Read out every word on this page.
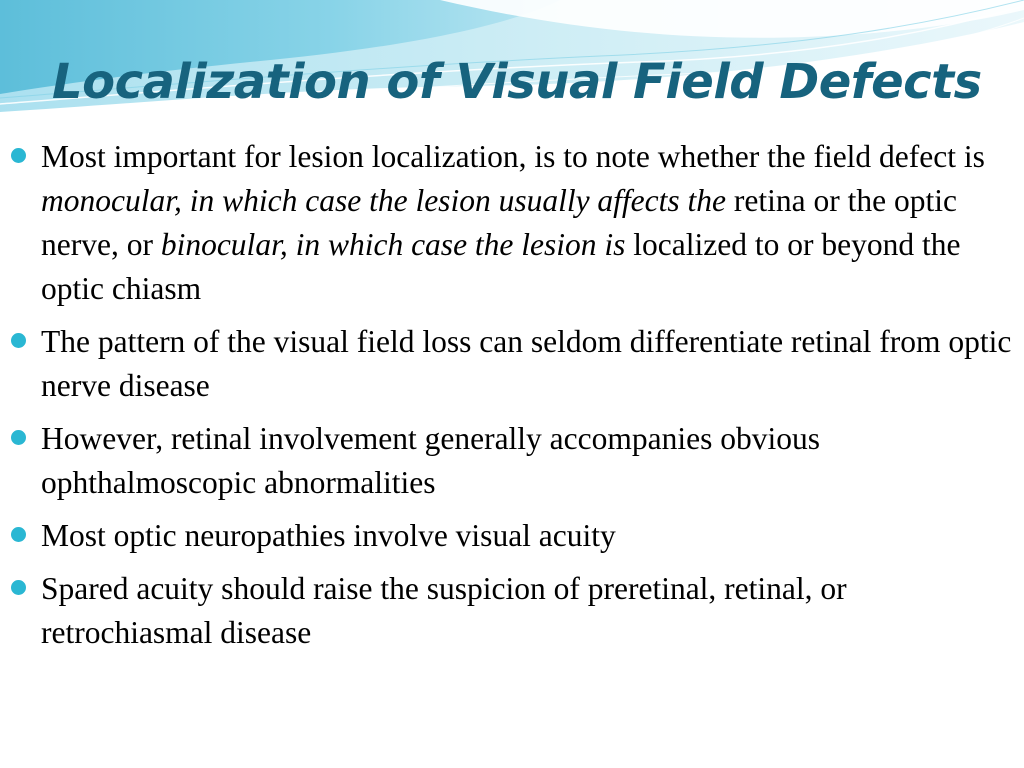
Localization of Visual Field Defects
Most important for lesion localization, is to note whether the field defect is monocular, in which case the lesion usually affects the retina or the optic nerve, or binocular, in which case the lesion is localized to or beyond the optic chiasm
The pattern of the visual field loss can seldom differentiate retinal from optic nerve disease
However, retinal involvement generally accompanies obvious ophthalmoscopic abnormalities
Most optic neuropathies involve visual acuity
Spared acuity should raise the suspicion of preretinal, retinal, or retrochiasmal disease
